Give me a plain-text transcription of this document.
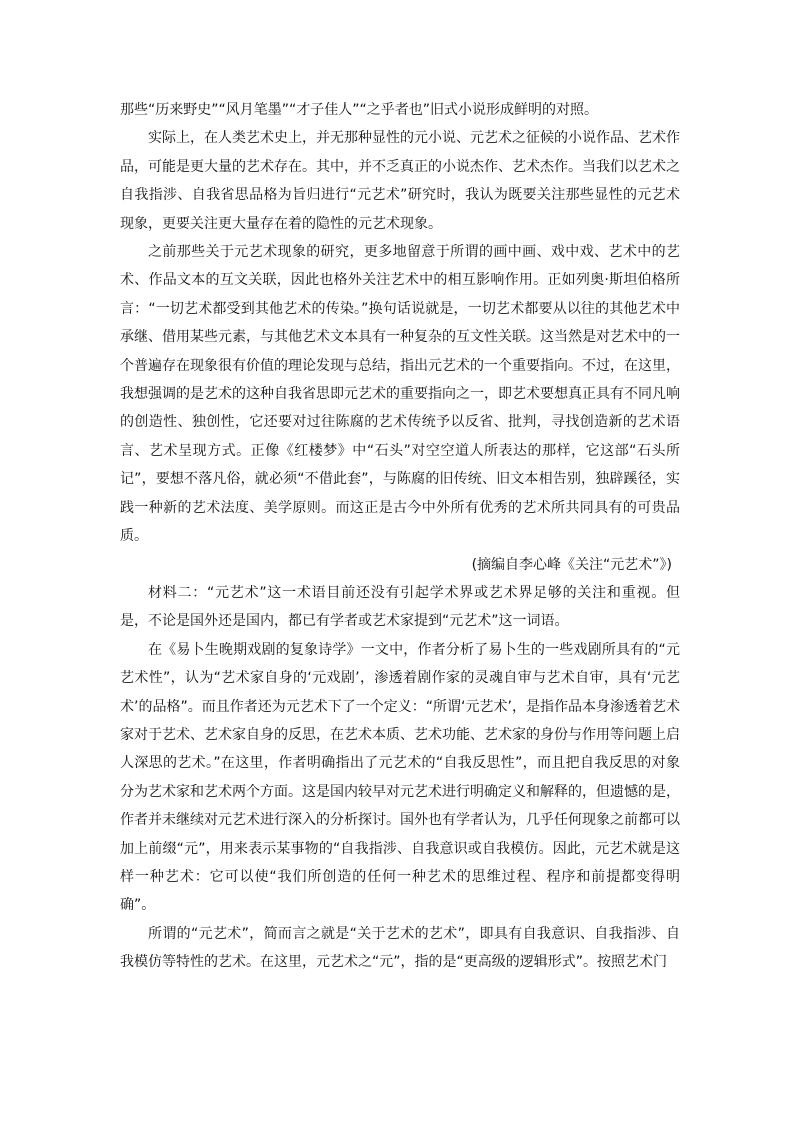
那些“历来野史”“风月笔墨”“才子佳人”“之乎者也”旧式小说形成鲜明的对照。

实际上，在人类艺术史上，并无那种显性的元小说、元艺术之征候的小说作品、艺术作品，可能是更大量的艺术存在。其中，并不乏真正的小说杰作、艺术杰作。当我们以艺术之自我指涉、自我省思品格为旨归进行“元艺术”研究时，我认为既要关注那些显性的元艺术现象，更要关注更大量存在着的隐性的元艺术现象。

之前那些关于元艺术现象的研究，更多地留意于所谓的画中画、戏中戏、艺术中的艺术、作品文本的互文关联，因此也格外关注艺术中的相互影响作用。正如列奥·斯坦伯格所言：“一切艺术都受到其他艺术的传染。”换句话说就是，一切艺术都要从以往的其他艺术中承继、借用某些元素，与其他艺术文本具有一种复杂的互文性关联。这当然是对艺术中的一个普遍存在现象很有价值的理论发现与总结，指出元艺术的一个重要指向。不过，在这里，我想强调的是艺术的这种自我省思即元艺术的重要指向之一，即艺术要想真正具有不同凡响的创造性、独创性，它还要对过往陈腐的艺术传统予以反省、批判，寻找创造新的艺术语言、艺术呈现方式。正像《红楼梦》中“石头”对空空道人所表达的那样，它这部“石头所记”，要想不落凡俗，就必须“不借此套”，与陈腐的旧传统、旧文本相告别，独辟蹊径，实践一种新的艺术法度、美学原则。而这正是古今中外所有优秀的艺术所共同具有的可贵品质。

(摘编自李心峰《关注“元艺术”》)

材料二：“元艺术”这一术语目前还没有引起学术界或艺术界足够的关注和重视。但是，不论是国外还是国内，都已有学者或艺术家提到“元艺术”这一词语。

在《易卜生晚期戏剧的复象诗学》一文中，作者分析了易卜生的一些戏剧所具有的“元艺术性”，认为“艺术家自身的‘元戏剧’，渗透着剧作家的灵魂自审与艺术自审，具有‘元艺术’的品格”。而且作者还为元艺术下了一个定义：“所谓‘元艺术’，是指作品本身渗透着艺术家对于艺术、艺术家自身的反思，在艺术本质、艺术功能、艺术家的身份与作用等问题上启人深思的艺术。”在这里，作者明确指出了元艺术的“自我反思性”，而且把自我反思的对象分为艺术家和艺术两个方面。这是国内较早对元艺术进行明确定义和解释的，但遗憾的是，作者并未继续对元艺术进行深入的分析探讨。国外也有学者认为，几乎任何现象之前都可以加上前缀“元”，用来表示某事物的“自我指涉、自我意识或自我模仿。因此，元艺术就是这样一种艺术：它可以使“我们所创造的任何一种艺术的思维过程、程序和前提都变得明确”。

所谓的“元艺术”，简而言之就是“关于艺术的艺术”，即具有自我意识、自我指涉、自我模仿等特性的艺术。在这里，元艺术之“元”，指的是“更高级的逻辑形式”。按照艺术门
